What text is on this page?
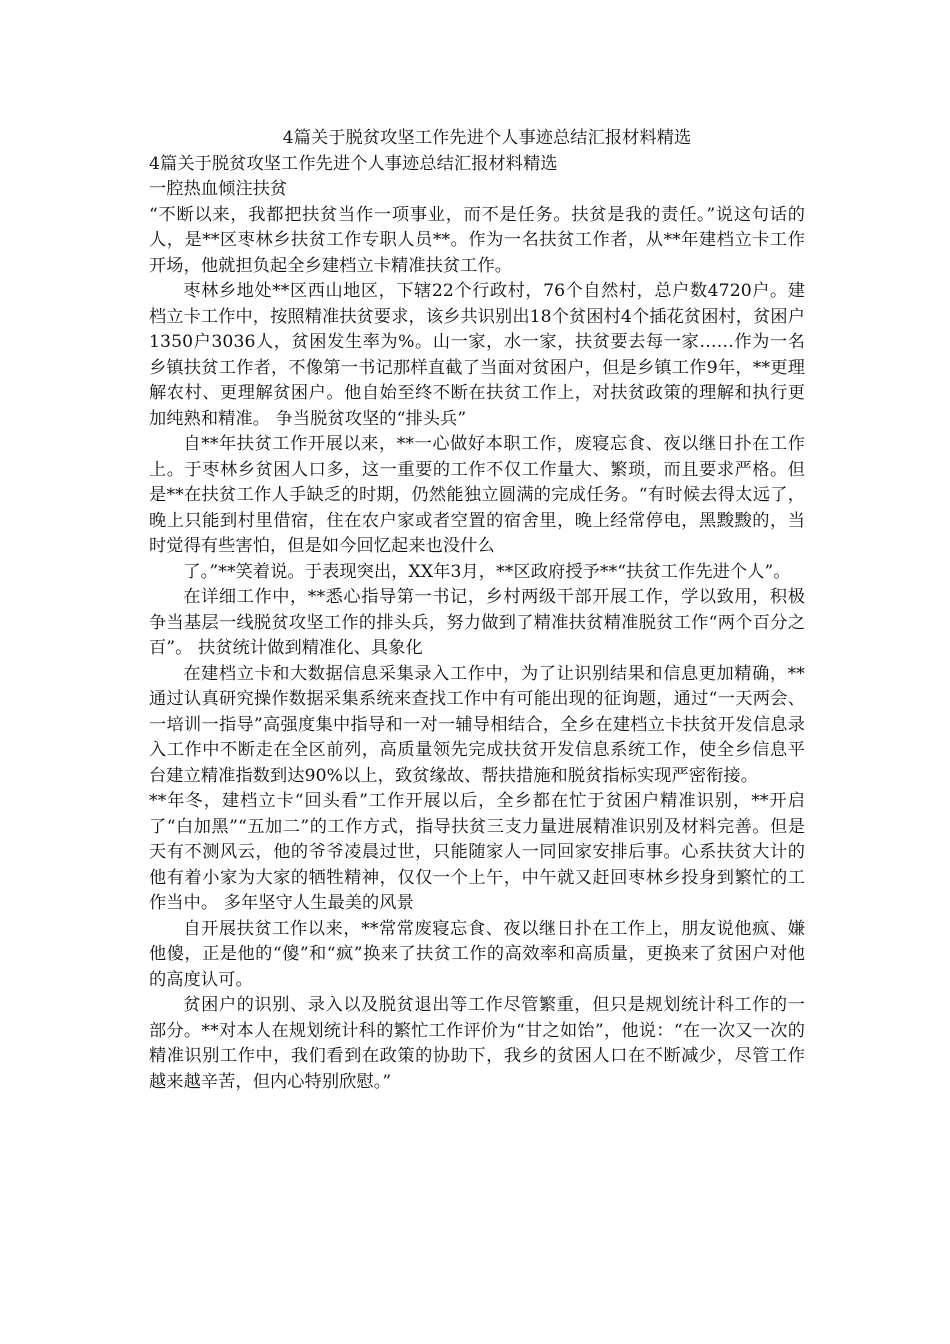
4篇关于脱贫攻坚工作先进个人事迹总结汇报材料精选

4篇关于脱贫攻坚工作先进个人事迹总结汇报材料精选

一腔热血倾注扶贫

“不断以来，我都把扶贫当作一项事业，而不是任务。扶贫是我的责任。”说这句话的人，是**区枣林乡扶贫工作专职人员**。作为一名扶贫工作者，从**年建档立卡工作开场，他就担负起全乡建档立卡精准扶贫工作。

枣林乡地处**区西山地区，下辖22个行政村，76个自然村，总户数4720户。建档立卡工作中，按照精准扶贫要求，该乡共识别出18个贫困村4个插花贫困村，贫困户1350户3036人，贫困发生率为%。山一家，水一家，扶贫要去每一家……作为一名乡镇扶贫工作者，不像第一书记那样直截了当面对贫困户，但是乡镇工作9年，**更理解农村、更理解贫困户。他自始至终不断在扶贫工作上，对扶贫政策的理解和执行更加纯熟和精准。 争当脱贫攻坚的“排头兵”

自**年扶贫工作开展以来，**一心做好本职工作，废寝忘食、夜以继日扑在工作上。于枣林乡贫困人口多，这一重要的工作不仅工作量大、繁琐，而且要求严格。但是**在扶贫工作人手缺乏的时期，仍然能独立圆满的完成任务。“有时候去得太远了，晚上只能到村里借宿，住在农户家或者空置的宿舍里，晚上经常停电，黑黢黢的，当时觉得有些害怕，但是如今回忆起来也没什么

了。”**笑着说。于表现突出，XX年3月，**区政府授予**“扶贫工作先进个人”。

在详细工作中，**悉心指导第一书记，乡村两级干部开展工作，学以致用，积极争当基层一线脱贫攻坚工作的排头兵，努力做到了精准扶贫精准脱贫工作“两个百分之百”。 扶贫统计做到精准化、具象化

在建档立卡和大数据信息采集录入工作中，为了让识别结果和信息更加精确，**通过认真研究操作数据采集系统来查找工作中有可能出现的征询题，通过“一天两会、一培训一指导”高强度集中指导和一对一辅导相结合，全乡在建档立卡扶贫开发信息录入工作中不断走在全区前列，高质量领先完成扶贫开发信息系统工作，使全乡信息平台建立精准指数到达90%以上，致贫缘故、帮扶措施和脱贫指标实现严密衔接。

**年冬，建档立卡“回头看”工作开展以后，全乡都在忙于贫困户精准识别，**开启了“白加黑”“五加二”的工作方式，指导扶贫三支力量进展精准识别及材料完善。但是天有不测风云，他的爷爷凌晨过世，只能随家人一同回家安排后事。心系扶贫大计的他有着小家为大家的牺牲精神，仅仅一个上午，中午就又赶回枣林乡投身到繁忙的工作当中。 多年坚守人生最美的风景

自开展扶贫工作以来，**常常废寝忘食、夜以继日扑在工作上，朋友说他疯、嫌他傻，正是他的“傻”和“疯”换来了扶贫工作的高效率和高质量，更换来了贫困户对他的高度认可。

贫困户的识别、录入以及脱贫退出等工作尽管繁重，但只是规划统计科工作的一部分。**对本人在规划统计科的繁忙工作评价为“甘之如饴”，他说：“在一次又一次的精准识别工作中，我们看到在政策的协助下，我乡的贫困人口在不断减少，尽管工作越来越辛苦，但内心特别欣慰。”
